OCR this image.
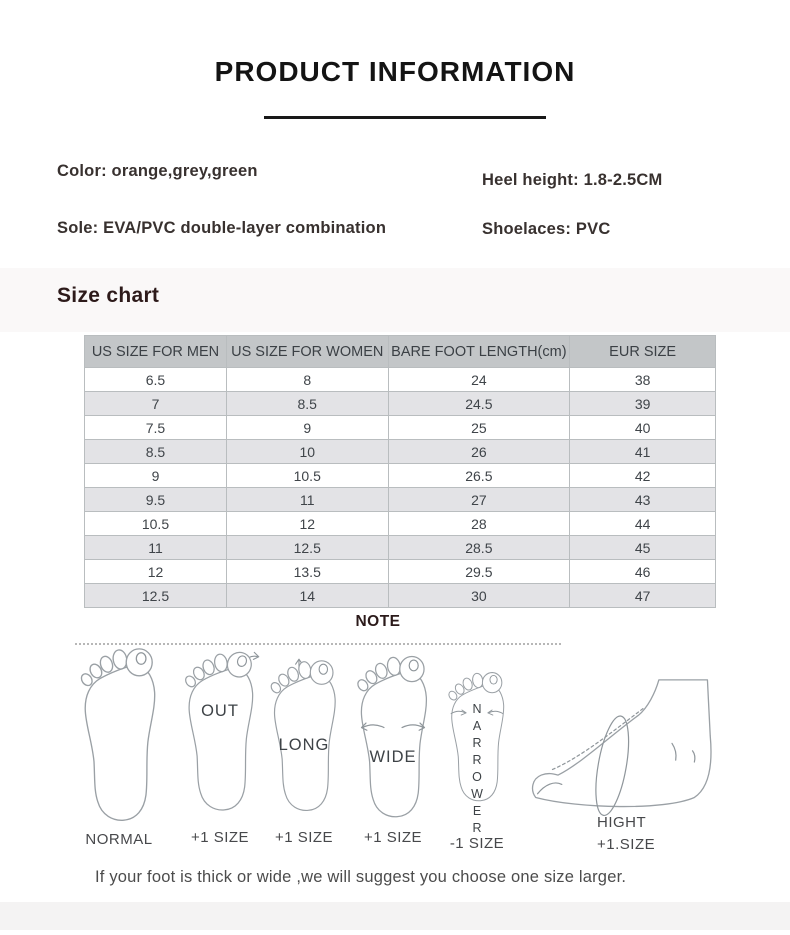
PRODUCT INFORMATION
Color: orange,grey,green	Heel height: 1.8-2.5CM
Sole: EVA/PVC double-layer combination	Shoelaces: PVC
Size chart
US SIZE FOR MEN	US SIZE FOR WOMEN	BARE FOOT LENGTH(cm)	EUR SIZE
6.5	8	24	38
7	8.5	24.5	39
7.5	9	25	40
8.5	10	26	41
9	10.5	26.5	42
9.5	11	27	43
10.5	12	28	44
11	12.5	28.5	45
12	13.5	29.5	46
12.5	14	30	47
NOTE
NORMAL
OUT
+1 SIZE
LONG
+1 SIZE
WIDE
+1 SIZE	NARROWER
-1 SIZE
HIGHT
+1.SIZE
If your foot is thick or wide ,we will suggest you choose one size larger.
